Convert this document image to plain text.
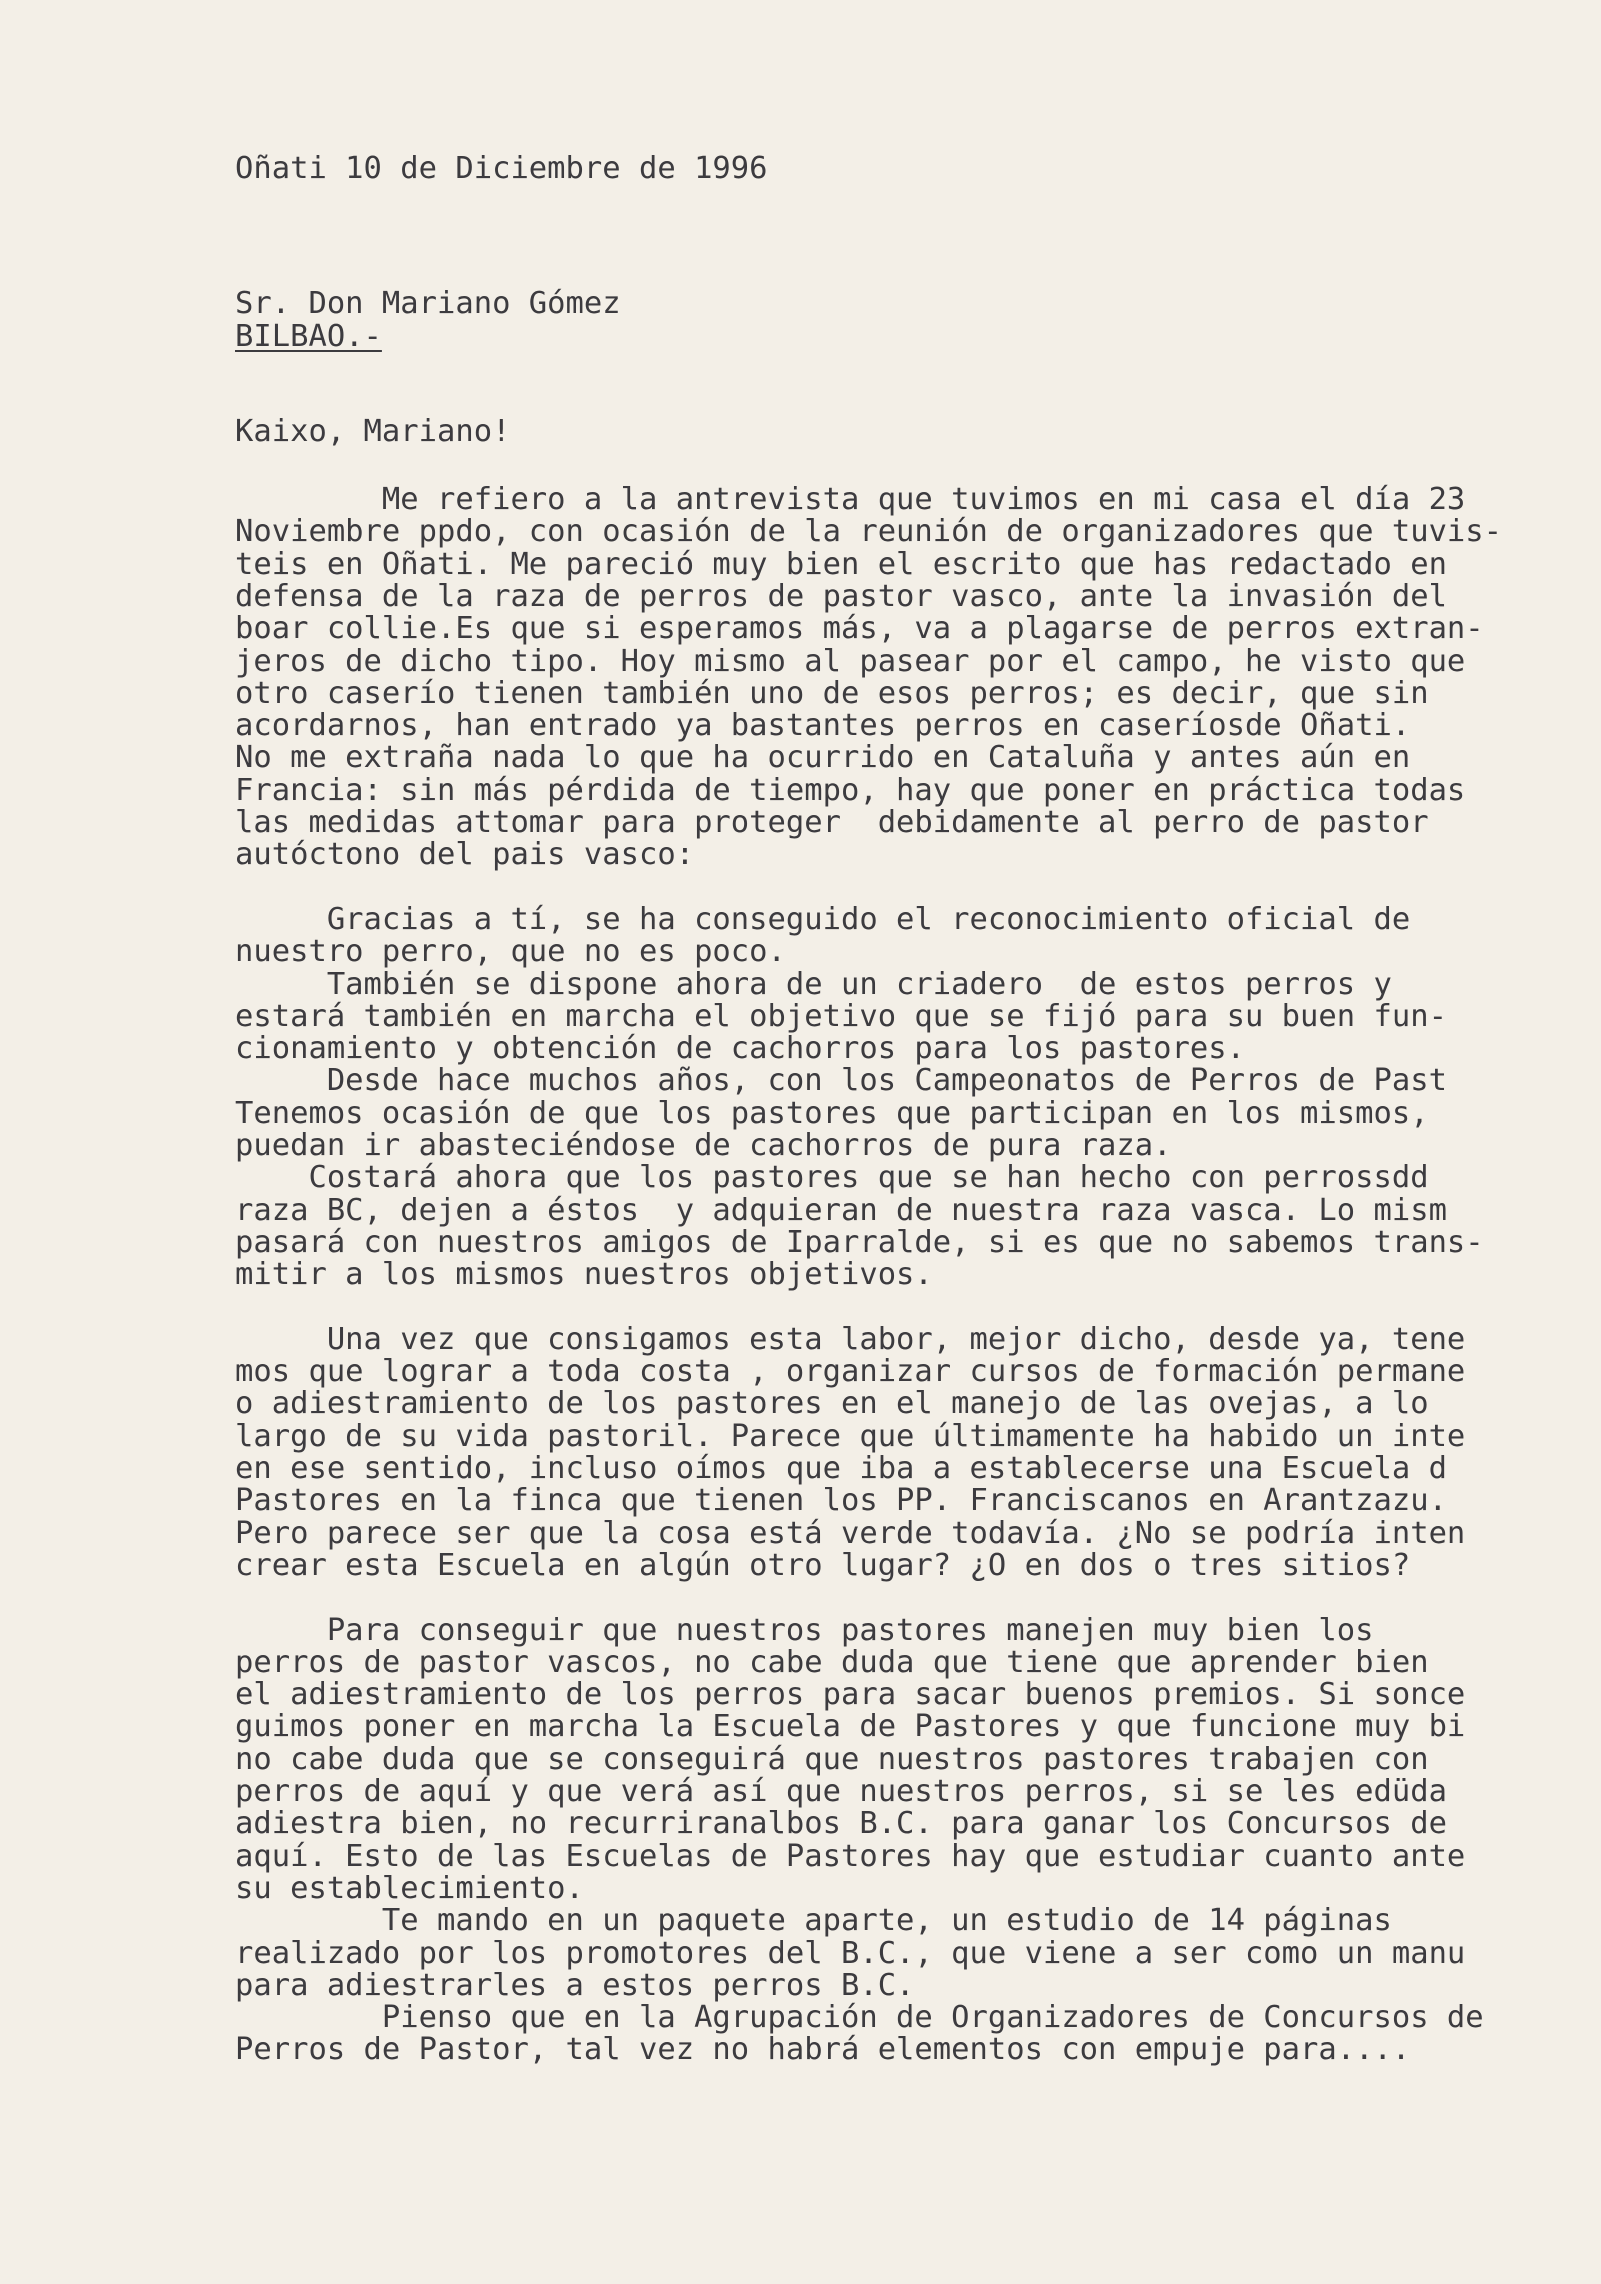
Oñati 10 de Diciembre de 1996
Sr. Don Mariano Gómez
BILBAO.-
Kaixo, Mariano!
Me refiero a la antrevista que tuvimos en mi casa el día 23
Noviembre ppdo, con ocasión de la reunión de organizadores que tuvis-
teis en Oñati. Me pareció muy bien el escrito que has redactado en
defensa de la raza de perros de pastor vasco, ante la invasión del
boar collie.Es que si esperamos más, va a plagarse de perros extran-
jeros de dicho tipo. Hoy mismo al pasear por el campo, he visto que
otro caserío tienen también uno de esos perros; es decir, que sin
acordarnos, han entrado ya bastantes perros en caseríosde Oñati.
No me extraña nada lo que ha ocurrido en Cataluña y antes aún en
Francia: sin más pérdida de tiempo, hay que poner en práctica todas
las medidas attomar para proteger  debidamente al perro de pastor
autóctono del pais vasco:
Gracias a tí, se ha conseguido el reconocimiento oficial de
nuestro perro, que no es poco.
También se dispone ahora de un criadero  de estos perros y
estará también en marcha el objetivo que se fijó para su buen fun-
cionamiento y obtención de cachorros para los pastores.
Desde hace muchos años, con los Campeonatos de Perros de Past
Tenemos ocasión de que los pastores que participan en los mismos,
puedan ir abasteciéndose de cachorros de pura raza.
Costará ahora que los pastores que se han hecho con perrossdd
raza BC, dejen a éstos  y adquieran de nuestra raza vasca. Lo mism
pasará con nuestros amigos de Iparralde, si es que no sabemos trans-
mitir a los mismos nuestros objetivos.
Una vez que consigamos esta labor, mejor dicho, desde ya, tene
mos que lograr a toda costa , organizar cursos de formación permane
o adiestramiento de los pastores en el manejo de las ovejas, a lo
largo de su vida pastoril. Parece que últimamente ha habido un inte
en ese sentido, incluso oímos que iba a establecerse una Escuela d
Pastores en la finca que tienen los PP. Franciscanos en Arantzazu.
Pero parece ser que la cosa está verde todavía. ¿No se podría inten
crear esta Escuela en algún otro lugar? ¿O en dos o tres sitios?
Para conseguir que nuestros pastores manejen muy bien los
perros de pastor vascos, no cabe duda que tiene que aprender bien
el adiestramiento de los perros para sacar buenos premios. Si sonce
guimos poner en marcha la Escuela de Pastores y que funcione muy bi
no cabe duda que se conseguirá que nuestros pastores trabajen con
perros de aquí y que verá así que nuestros perros, si se les edüda
adiestra bien, no recurriranalbos B.C. para ganar los Concursos de
aquí. Esto de las Escuelas de Pastores hay que estudiar cuanto ante
su establecimiento.
Te mando en un paquete aparte, un estudio de 14 páginas
realizado por los promotores del B.C., que viene a ser como un manu
para adiestrarles a estos perros B.C.
Pienso que en la Agrupación de Organizadores de Concursos de
Perros de Pastor, tal vez no habrá elementos con empuje para....
